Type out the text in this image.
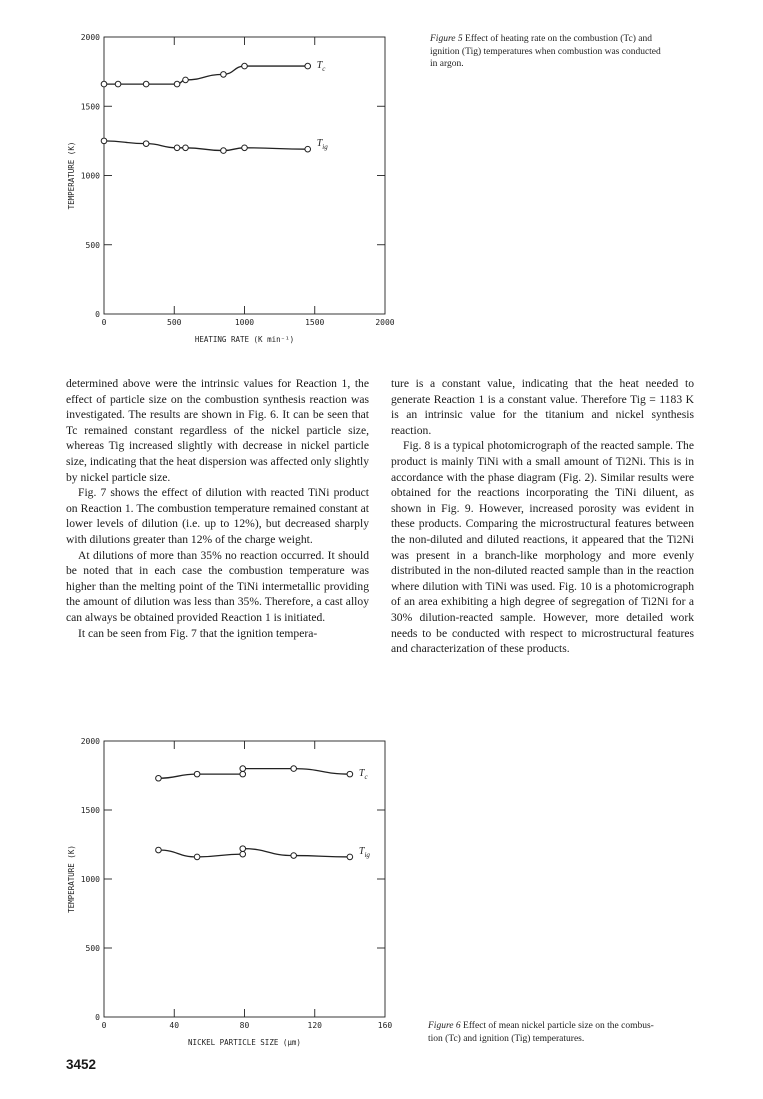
0	500	1000	1500	2000
0
500
1000
1500
2000
HEATING RATE (K min⁻¹)
TEMPERATURE (K)
$T_c$
$T_{ig}$
Figure 5 Effect of heating rate on the combustion (Tc) and
ignition (Tig) temperatures when combustion was conducted
in argon.

determined above were the intrinsic values for Reaction 1, the effect of particle size on the combustion synthesis reaction was investigated. The results are shown in Fig. 6. It can be seen that Tc remained constant regardless of the nickel particle size, whereas Tig increased slightly with decrease in nickel particle size, indicating that the heat dispersion was affected only slightly by nickel particle size.

Fig. 7 shows the effect of dilution with reacted TiNi product on Reaction 1. The combustion temperature remained constant at lower levels of dilution (i.e. up to 12%), but decreased sharply with dilutions greater than 12% of the charge weight.

At dilutions of more than 35% no reaction occurred. It should be noted that in each case the combustion temperature was higher than the melting point of the TiNi intermetallic providing the amount of dilution was less than 35%. Therefore, a cast alloy can always be obtained provided Reaction 1 is initiated.

It can be seen from Fig. 7 that the ignition tempera-

ture is a constant value, indicating that the heat needed to generate Reaction 1 is a constant value. Therefore Tig = 1183 K is an intrinsic value for the titanium and nickel synthesis reaction.

Fig. 8 is a typical photomicrograph of the reacted sample. The product is mainly TiNi with a small amount of Ti2Ni. This is in accordance with the phase diagram (Fig. 2). Similar results were obtained for the reactions incorporating the TiNi diluent, as shown in Fig. 9. However, increased porosity was evident in these products. Comparing the microstructural features between the non-diluted and diluted reactions, it appeared that the Ti2Ni was present in a branch-like morphology and more evenly distributed in the non-diluted reacted sample than in the reaction where dilution with TiNi was used. Fig. 10 is a photomicrograph of an area exhibiting a high degree of segregation of Ti2Ni for a 30% dilution-reacted sample. However, more detailed work needs to be conducted with respect to microstructural features and characterization of these products.

0	40	80	120	160
0
500
1000
1500
2000
NICKEL PARTICLE SIZE (μm)
TEMPERATURE (K)
$T_c$
$T_{ig}$
Figure 6 Effect of mean nickel particle size on the combus-
tion (Tc) and ignition (Tig) temperatures.
3452
